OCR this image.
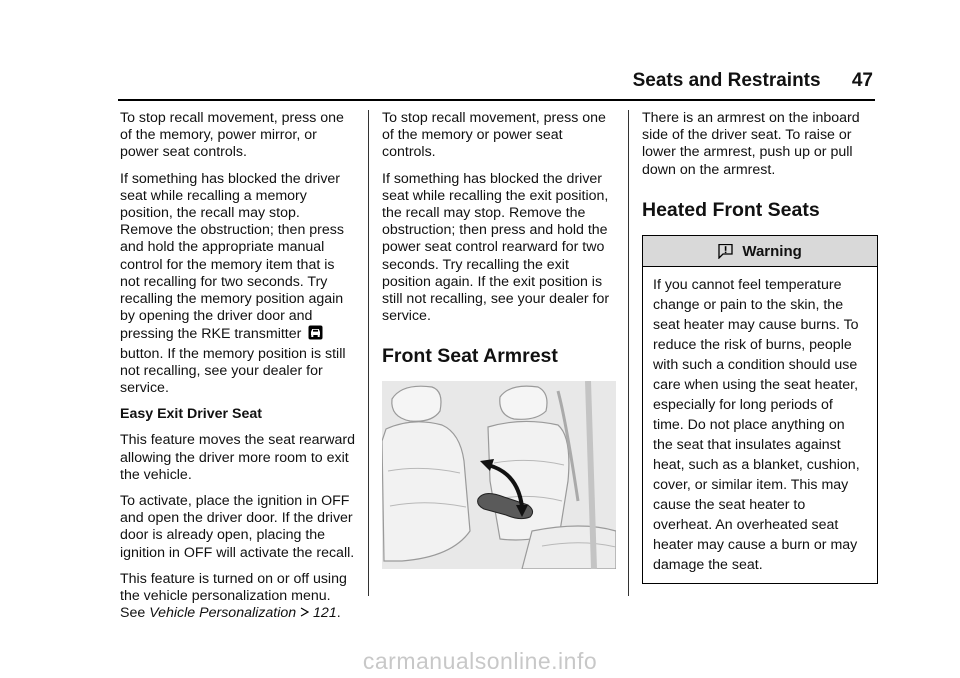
Seats and Restraints 47

To stop recall movement, press one of the memory, power mirror, or power seat controls.

If something has blocked the driver seat while recalling a memory position, the recall may stop. Remove the obstruction; then press and hold the appropriate manual control for the memory item that is not recalling for two seconds. Try recalling the memory position again by opening the driver door and pressing the RKE transmitter
button. If the memory position is still not recalling, see your dealer for service.

Easy Exit Driver Seat

This feature moves the seat rearward allowing the driver more room to exit the vehicle.

To activate, place the ignition in OFF and open the driver door. If the driver door is already open, placing the ignition in OFF will activate the recall.

This feature is turned on or off using the vehicle personalization menu. See Vehicle Personalization 121.

To stop recall movement, press one of the memory or power seat controls.

If something has blocked the driver seat while recalling the exit position, the recall may stop. Remove the obstruction; then press and hold the power seat control rearward for two seconds. Try recalling the exit position again. If the exit position is still not recalling, see your dealer for service.

Front Seat Armrest

There is an armrest on the inboard side of the driver seat. To raise or lower the armrest, push up or pull down on the armrest.

Heated Front Seats
Warning
If you cannot feel temperature change or pain to the skin, the seat heater may cause burns. To reduce the risk of burns, people with such a condition should use care when using the seat heater, especially for long periods of time. Do not place anything on the seat that insulates against heat, such as a blanket, cushion, cover, or similar item. This may cause the seat heater to overheat. An overheated seat heater may cause a burn or may damage the seat.
carmanualsonline.info
